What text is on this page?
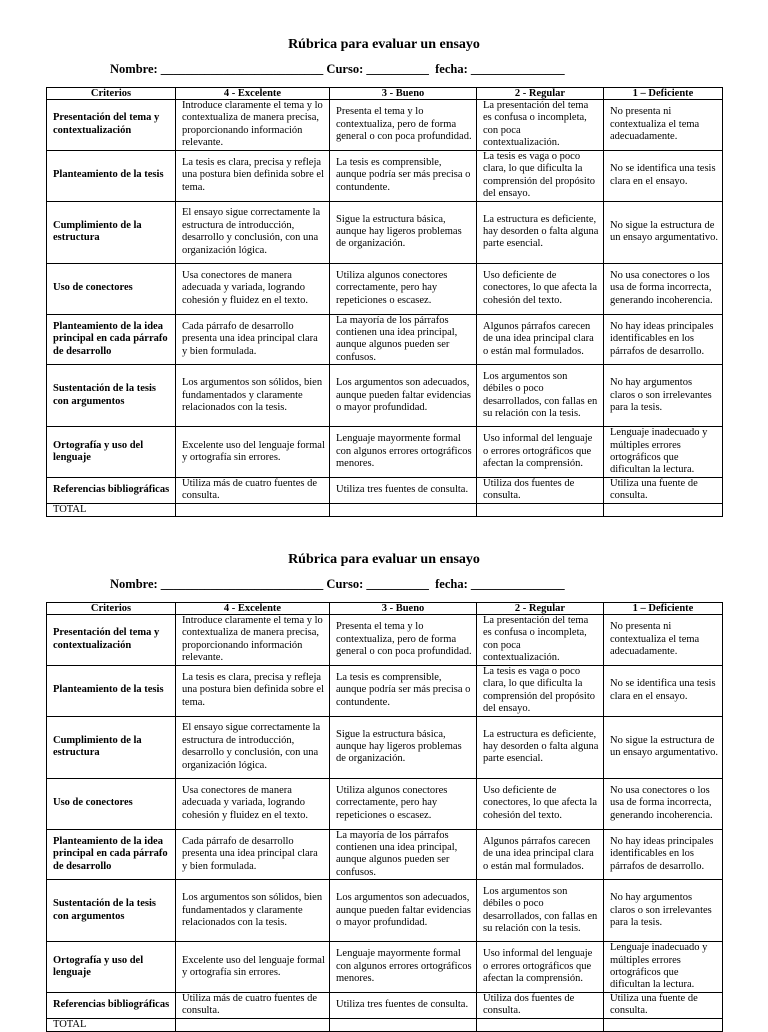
Rúbrica para evaluar un ensayo
Nombre: __________________________ Curso: __________  fecha: _______________
Criterios	4 - Excelente	3 - Bueno	2 - Regular	1 – Deficiente
Presentación del tema y contextualización	Introduce claramente el tema y lo contextualiza de manera precisa, proporcionando información relevante.	Presenta el tema y lo contextualiza, pero de forma general o con poca profundidad.	La presentación del tema es confusa o incompleta, con poca contextualización.	No presenta ni contextualiza el tema adecuadamente.
Planteamiento de la tesis	La tesis es clara, precisa y refleja una postura bien definida sobre el tema.	La tesis es comprensible, aunque podría ser más precisa o contundente.	La tesis es vaga o poco clara, lo que dificulta la comprensión del propósito del ensayo.	No se identifica una tesis clara en el ensayo.
Cumplimiento de la estructura	El ensayo sigue correctamente la estructura de introducción, desarrollo y conclusión, con una organización lógica.	Sigue la estructura básica, aunque hay ligeros problemas de organización.	La estructura es deficiente, hay desorden o falta alguna parte esencial.	No sigue la estructura de un ensayo argumentativo.
Uso de conectores	Usa conectores de manera adecuada y variada, logrando cohesión y fluidez en el texto.	Utiliza algunos conectores correctamente, pero hay repeticiones o escasez.	Uso deficiente de conectores, lo que afecta la cohesión del texto.	No usa conectores o los usa de forma incorrecta, generando incoherencia.
Planteamiento de la idea principal en cada párrafo de desarrollo	Cada párrafo de desarrollo presenta una idea principal clara y bien formulada.	La mayoría de los párrafos contienen una idea principal, aunque algunos pueden ser confusos.	Algunos párrafos carecen de una idea principal clara o están mal formulados.	No hay ideas principales identificables en los párrafos de desarrollo.
Sustentación de la tesis con argumentos	Los argumentos son sólidos, bien fundamentados y claramente relacionados con la tesis.	Los argumentos son adecuados, aunque pueden faltar evidencias o mayor profundidad.	Los argumentos son débiles o poco desarrollados, con fallas en su relación con la tesis.	No hay argumentos claros o son irrelevantes para la tesis.
Ortografía y uso del lenguaje	Excelente uso del lenguaje formal y ortografía sin errores.	Lenguaje mayormente formal con algunos errores ortográficos menores.	Uso informal del lenguaje o errores ortográficos que afectan la comprensión.	Lenguaje inadecuado y múltiples errores ortográficos que dificultan la lectura.
Referencias bibliográficas	Utiliza más de cuatro fuentes de consulta.	Utiliza tres fuentes de consulta.	Utiliza dos fuentes de consulta.	Utiliza una fuente de consulta.
TOTAL				
Rúbrica para evaluar un ensayo
Nombre: __________________________ Curso: __________  fecha: _______________
Criterios	4 - Excelente	3 - Bueno	2 - Regular	1 – Deficiente
Presentación del tema y contextualización	Introduce claramente el tema y lo contextualiza de manera precisa, proporcionando información relevante.	Presenta el tema y lo contextualiza, pero de forma general o con poca profundidad.	La presentación del tema es confusa o incompleta, con poca contextualización.	No presenta ni contextualiza el tema adecuadamente.
Planteamiento de la tesis	La tesis es clara, precisa y refleja una postura bien definida sobre el tema.	La tesis es comprensible, aunque podría ser más precisa o contundente.	La tesis es vaga o poco clara, lo que dificulta la comprensión del propósito del ensayo.	No se identifica una tesis clara en el ensayo.
Cumplimiento de la estructura	El ensayo sigue correctamente la estructura de introducción, desarrollo y conclusión, con una organización lógica.	Sigue la estructura básica, aunque hay ligeros problemas de organización.	La estructura es deficiente, hay desorden o falta alguna parte esencial.	No sigue la estructura de un ensayo argumentativo.
Uso de conectores	Usa conectores de manera adecuada y variada, logrando cohesión y fluidez en el texto.	Utiliza algunos conectores correctamente, pero hay repeticiones o escasez.	Uso deficiente de conectores, lo que afecta la cohesión del texto.	No usa conectores o los usa de forma incorrecta, generando incoherencia.
Planteamiento de la idea principal en cada párrafo de desarrollo	Cada párrafo de desarrollo presenta una idea principal clara y bien formulada.	La mayoría de los párrafos contienen una idea principal, aunque algunos pueden ser confusos.	Algunos párrafos carecen de una idea principal clara o están mal formulados.	No hay ideas principales identificables en los párrafos de desarrollo.
Sustentación de la tesis con argumentos	Los argumentos son sólidos, bien fundamentados y claramente relacionados con la tesis.	Los argumentos son adecuados, aunque pueden faltar evidencias o mayor profundidad.	Los argumentos son débiles o poco desarrollados, con fallas en su relación con la tesis.	No hay argumentos claros o son irrelevantes para la tesis.
Ortografía y uso del lenguaje	Excelente uso del lenguaje formal y ortografía sin errores.	Lenguaje mayormente formal con algunos errores ortográficos menores.	Uso informal del lenguaje o errores ortográficos que afectan la comprensión.	Lenguaje inadecuado y múltiples errores ortográficos que dificultan la lectura.
Referencias bibliográficas	Utiliza más de cuatro fuentes de consulta.	Utiliza tres fuentes de consulta.	Utiliza dos fuentes de consulta.	Utiliza una fuente de consulta.
TOTAL				
